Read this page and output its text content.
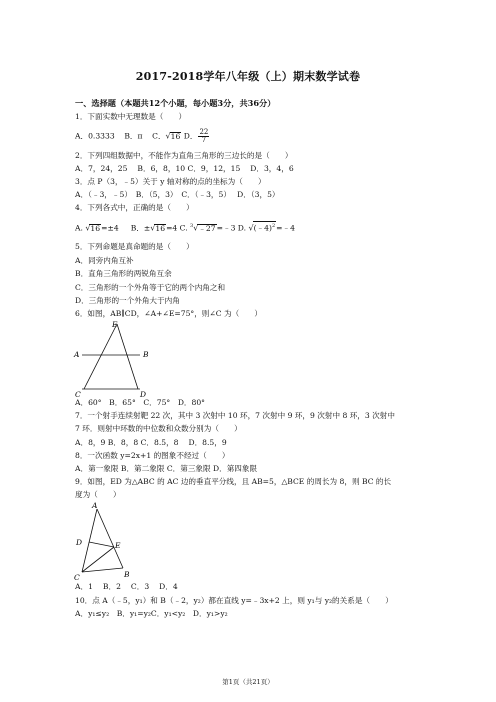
2017-2018学年八年级（上）期末数学试卷
一、选择题（本题共12个小题，每小题3分，共36分）
1．下面实数中无理数是（　　）
A．0.3333 B．π C．√16 D． $\frac{22}{7}$
2．下列四组数据中，不能作为直角三角形的三边长的是（　　）
A．7，24，25　 B．6，8，10 C．9，12，15　 D．3，4，6
3．点 P（3，﹣5）关于 y 轴对称的点的坐标为（　　）
A．（﹣3，﹣5）　B．（5，3）　C．（﹣3，5）　 D．（3，5）
4．下列各式中，正确的是（　　）
A. √16=±4 B．±√16=4 C. $^3$√﹣27=﹣3 D. √(﹣4)$^2$=﹣4
5．下列命题是真命题的是（　　）
A．同旁内角互补
B．直角三角形的两锐角互余
C．三角形的一个外角等于它的两个内角之和
D．三角形的一个外角大于内角
6．如图，AB∥CD，∠A+∠E=75°，则∠C 为（　　）
E
A	B
C	D
A．60°　B．65°　C．75°　D．80°
7．一个射手连续射靶 22 次，其中 3 次射中 10 环，7 次射中 9 环，9 次射中 8 环，3 次射中
7 环．则射中环数的中位数和众数分别为（　　）
A．8，9 B．8，8 C．8.5，8　 D．8.5，9
8．一次函数 y=2x+1 的图象不经过（　　）
A．第一象限 B．第二象限 C．第三象限 D．第四象限
9．如图，ED 为△ABC 的 AC 边的垂直平分线，且 AB=5，△BCE 的周长为 8，则 BC 的长
度为（　　）
A
D	E
C	B
A．1　 B．2　 C．3　 D．4
10．点 A（﹣5，y₁）和 B（﹣2，y₂）都在直线 y=﹣3x+2 上，则 y₁与 y₂的关系是（　　）
A．y₁≤y₂　B．y₁=y₂C．y₁<y₂　D．y₁>y₂
第1页（共21页）
